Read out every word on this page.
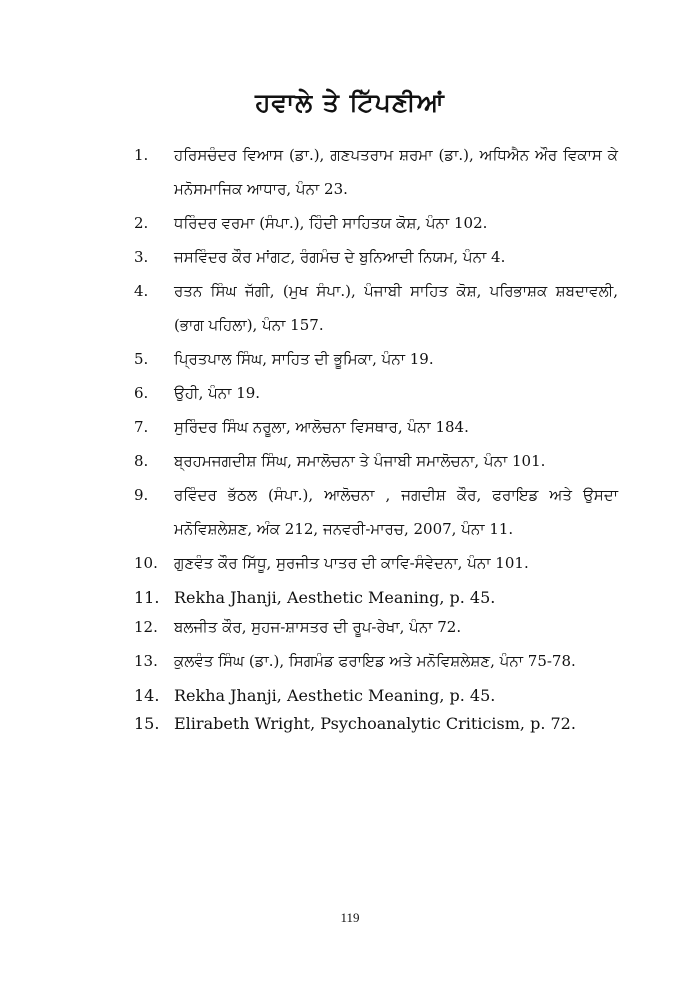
ਹਵਾਲੇ ਤੇ ਟਿੱਪਣੀਆਂ
1. ਹਰਿਸਚੰਦਰ ਵਿਆਸ (ਡਾ.), ਗਣਪਤਰਾਮ ਸ਼ਰਮਾ (ਡਾ.), ਅਧਿਐਨ ਔਰ ਵਿਕਾਸ ਕੇ ਮਨੋਸਮਾਜਿਕ ਆਧਾਰ, ਪੰਨਾ 23.
2. ਧਰਿੰਦਰ ਵਰਮਾ (ਸੰਪਾ.), ਹਿੰਦੀ ਸਾਹਿਤਯ ਕੋਸ਼, ਪੰਨਾ 102.
3. ਜਸਵਿੰਦਰ ਕੌਰ ਮਾਂਗਟ, ਰੰਗਮੰਚ ਦੇ ਬੁਨਿਆਦੀ ਨਿਯਮ, ਪੰਨਾ 4.
4. ਰਤਨ ਸਿੰਘ ਜੱਗੀ, (ਮੁਖ ਸੰਪਾ.), ਪੰਜਾਬੀ ਸਾਹਿਤ ਕੋਸ਼, ਪਰਿਭਾਸ਼ਕ ਸ਼ਬਦਾਵਲੀ, (ਭਾਗ ਪਹਿਲਾ), ਪੰਨਾ 157.
5. ਪ੍ਰਿਤਪਾਲ ਸਿੰਘ, ਸਾਹਿਤ ਦੀ ਭੂਮਿਕਾ, ਪੰਨਾ 19.
6. ਉਹੀ, ਪੰਨਾ 19.
7. ਸੁਰਿੰਦਰ ਸਿੰਘ ਨਰੂਲਾ, ਆਲੋਚਨਾ ਵਿਸਥਾਰ, ਪੰਨਾ 184.
8. ਬ੍ਰਹਮਜਗਦੀਸ਼ ਸਿੰਘ, ਸਮਾਲੋਚਨਾ ਤੇ ਪੰਜਾਬੀ ਸਮਾਲੋਚਨਾ, ਪੰਨਾ 101.
9. ਰਵਿੰਦਰ ਭੱਠਲ (ਸੰਪਾ.), ਆਲੋਚਨਾ , ਜਗਦੀਸ਼ ਕੌਰ, ਫਰਾਇਡ ਅਤੇ ਉਸਦਾ ਮਨੋਵਿਸ਼ਲੇਸ਼ਣ, ਅੰਕ 212, ਜਨਵਰੀ-ਮਾਰਚ, 2007, ਪੰਨਾ 11.
10. ਗੁਣਵੰਤ ਕੌਰ ਸਿੱਧੂ, ਸੁਰਜੀਤ ਪਾਤਰ ਦੀ ਕਾਵਿ-ਸੰਵੇਦਨਾ, ਪੰਨਾ 101.
11. Rekha Jhanji, Aesthetic Meaning, p. 45.
12. ਬਲਜੀਤ ਕੌਰ, ਸੁਹਜ-ਸ਼ਾਸਤਰ ਦੀ ਰੂਪ-ਰੇਖਾ, ਪੰਨਾ 72.
13. ਕੁਲਵੰਤ ਸਿੰਘ (ਡਾ.), ਸਿਗਮੰਡ ਫਰਾਇਡ ਅਤੇ ਮਨੋਵਿਸ਼ਲੇਸ਼ਣ, ਪੰਨਾ 75-78.
14. Rekha Jhanji, Aesthetic Meaning, p. 45.
15. Elirabeth Wright, Psychoanalytic Criticism, p. 72.
119
